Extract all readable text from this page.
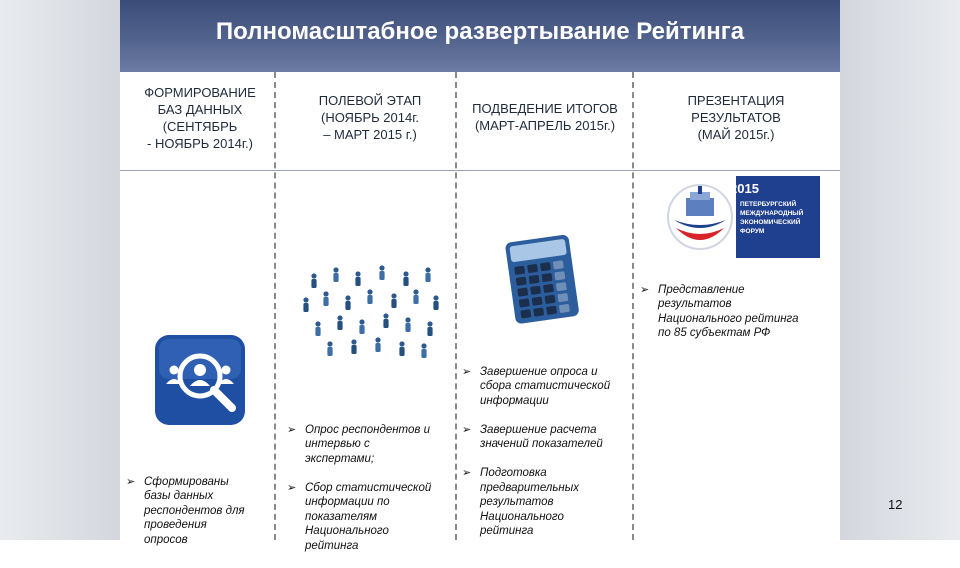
Полномасштабное развертывание Рейтинга
ФОРМИРОВАНИЕ
БАЗ ДАННЫХ
(СЕНТЯБРЬ
- НОЯБРЬ 2014г.)
ПОЛЕВОЙ ЭТАП
(НОЯБРЬ 2014г.
– МАРТ 2015 г.)
ПОДВЕДЕНИЕ ИТОГОВ
(МАРТ-АПРЕЛЬ 2015г.)
ПРЕЗЕНТАЦИЯ
РЕЗУЛЬТАТОВ
(МАЙ 2015г.)
2015
ПЕТЕРБУРГСКИЙ
МЕЖДУНАРОДНЫЙ
ЭКОНОМИЧЕСКИЙ
ФОРУМ

➢ Представление
результатов
Национального рейтинга
по 85 субъектам РФ

➢ Завершение опроса и
сбора статистической
информации

➢ Завершение расчета
значений показателей

➢ Подготовка
предварительных
результатов
Национального
рейтинга

➢ Опрос респондентов и
интервью с
экспертами;

➢ Сбор статистической
информации по
показателям
Национального
рейтинга

➢ Сформированы
базы данных
респондентов для
проведения
опросов

12
